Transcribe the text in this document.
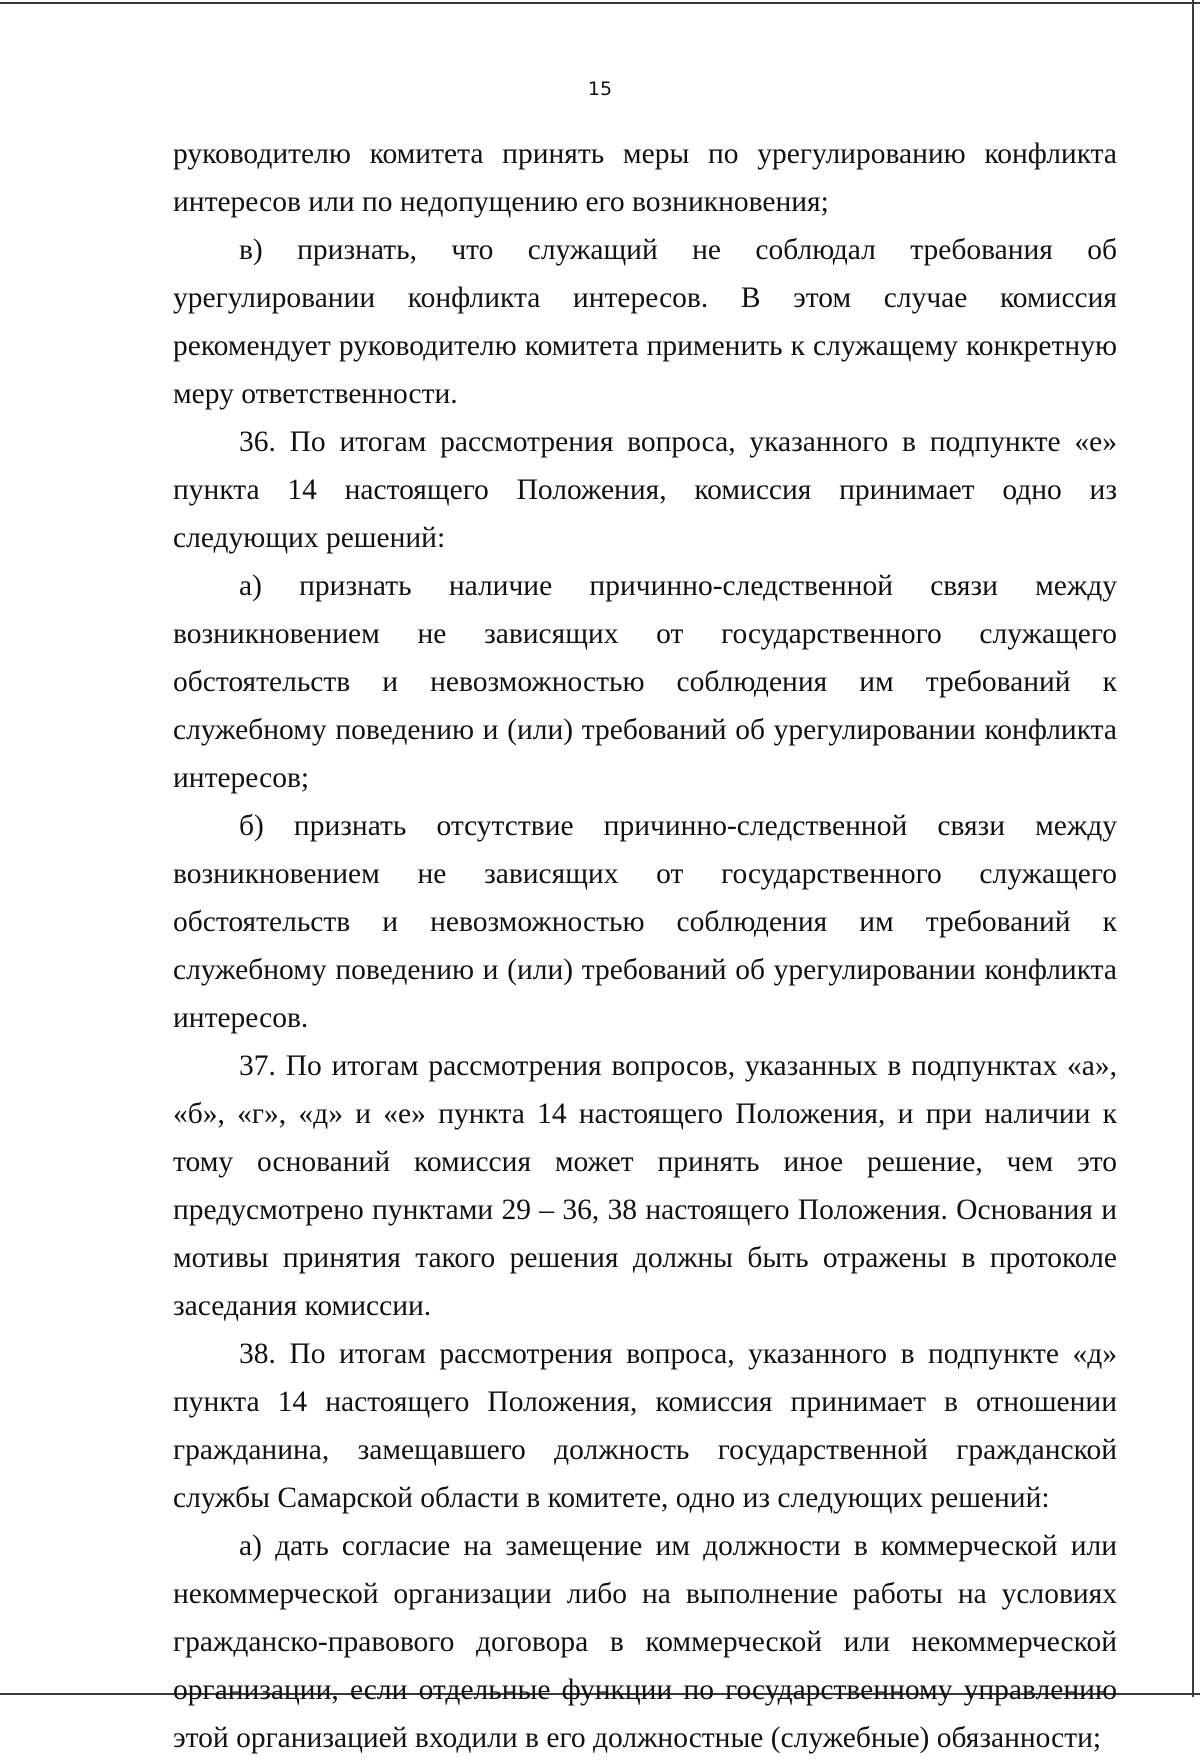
15

руководителю комитета принять меры по урегулированию конфликта интересов или по недопущению его возникновения;

в) признать, что служащий не соблюдал требования об урегулировании конфликта интересов. В этом случае комиссия рекомендует руководителю комитета применить к служащему конкретную меру ответственности.

36. По итогам рассмотрения вопроса, указанного в подпункте «е» пункта 14 настоящего Положения, комиссия принимает одно из следующих решений:

а) признать наличие причинно-следственной связи между возникновением не зависящих от государственного служащего обстоятельств и невозможностью соблюдения им требований к служебному поведению и (или) требований об урегулировании конфликта интересов;

б) признать отсутствие причинно-следственной связи между возникновением не зависящих от государственного служащего обстоятельств и невозможностью соблюдения им требований к служебному поведению и (или) требований об урегулировании конфликта интересов.

37. По итогам рассмотрения вопросов, указанных в подпунктах «а», «б», «г», «д» и «е» пункта 14 настоящего Положения, и при наличии к тому оснований комиссия может принять иное решение, чем это предусмотрено пунктами 29 – 36, 38 настоящего Положения. Основания и мотивы принятия такого решения должны быть отражены в протоколе заседания комиссии.

38. По итогам рассмотрения вопроса, указанного в подпункте «д» пункта 14 настоящего Положения, комиссия принимает в отношении гражданина, замещавшего должность государственной гражданской службы Самарской области в комитете, одно из следующих решений:

а) дать согласие на замещение им должности в коммерческой или некоммерческой организации либо на выполнение работы на условиях гражданско-правового договора в коммерческой или некоммерческой организации, если отдельные функции по государственному управлению этой организацией входили в его должностные (служебные) обязанности;
